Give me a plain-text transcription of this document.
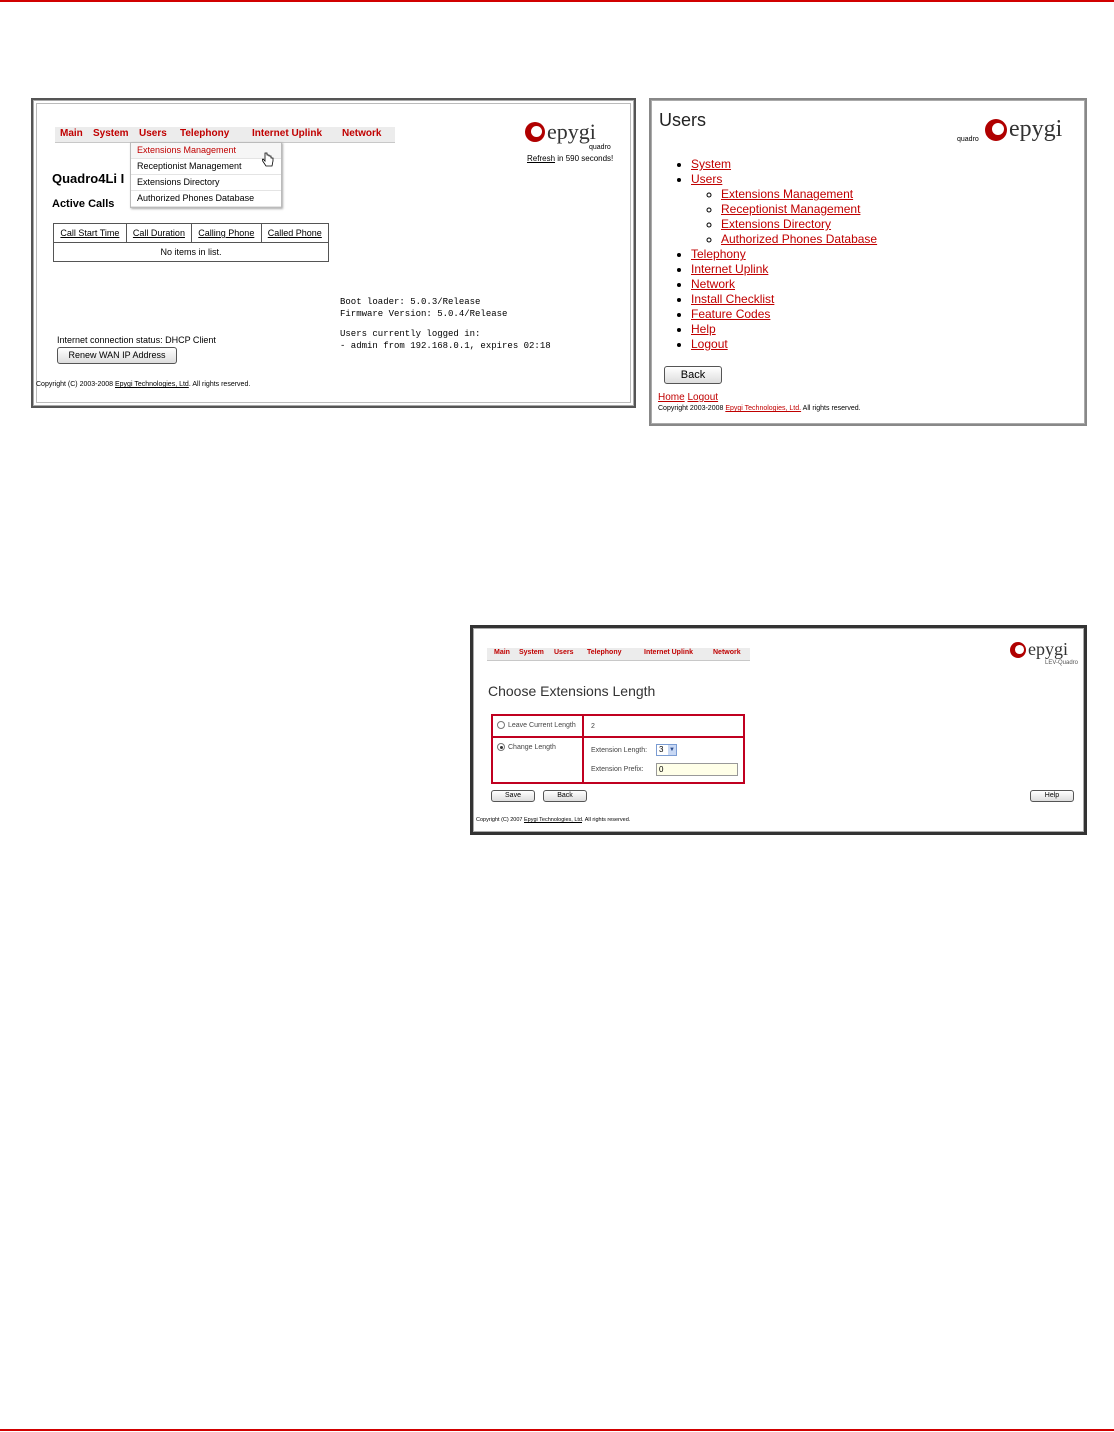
Main System Users Telephony Internet Uplink Network
Extensions Management
Receptionist Management
Extensions Directory
Authorized Phones Database
epygi
quadro
Refresh in 590 seconds!
Quadro4Li I
Active Calls
Call Start Time	Call Duration	Calling Phone	Called Phone
No items in list.
Boot loader: 5.0.3/Release
Firmware Version: 5.0.4/Release
Users currently logged in:
- admin from 192.168.0.1, expires 02:18
Internet connection status: DHCP Client
Renew WAN IP Address
Copyright (C) 2003-2008 Epygi Technologies, Ltd. All rights reserved.
Users	epygi
quadro
• System
• Users
◦ Extensions Management
◦ Receptionist Management
◦ Extensions Directory
◦ Authorized Phones Database
• Telephony
• Internet Uplink
• Network
• Install Checklist
• Feature Codes
• Help
• Logout
Back
Home Logout
Copyright 2003-2008 Epygi Technologies, Ltd. All rights reserved.
Main System Users Telephony	Internet Uplink	Network	epygi
LEV-Quadro
Choose Extensions Length
Leave Current Length 2
Change Length	Extension Length:	3 ▼
Extension Prefix:	0
Save	Back	Help
Copyright (C) 2007 Epygi Technologies, Ltd. All rights reserved.
